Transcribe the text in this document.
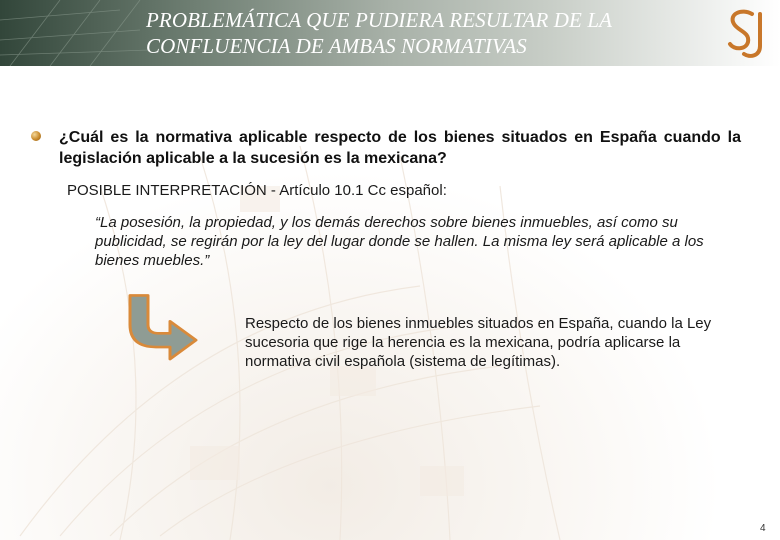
PROBLEMÁTICA QUE PUDIERA RESULTAR DE LA
CONFLUENCIA DE AMBAS NORMATIVAS
¿Cuál es la normativa aplicable respecto de los bienes situados en España cuando la legislación aplicable a la sucesión es la mexicana?
POSIBLE INTERPRETACIÓN - Artículo 10.1 Cc español:
“La posesión, la propiedad, y los demás derechos sobre bienes inmuebles, así como su publicidad, se regirán por la ley del lugar donde se hallen. La misma ley será aplicable a los bienes muebles.”
Respecto de los bienes inmuebles situados en España, cuando la Ley sucesoria que rige la herencia es la mexicana, podría aplicarse la normativa civil española (sistema de legítimas).
4
